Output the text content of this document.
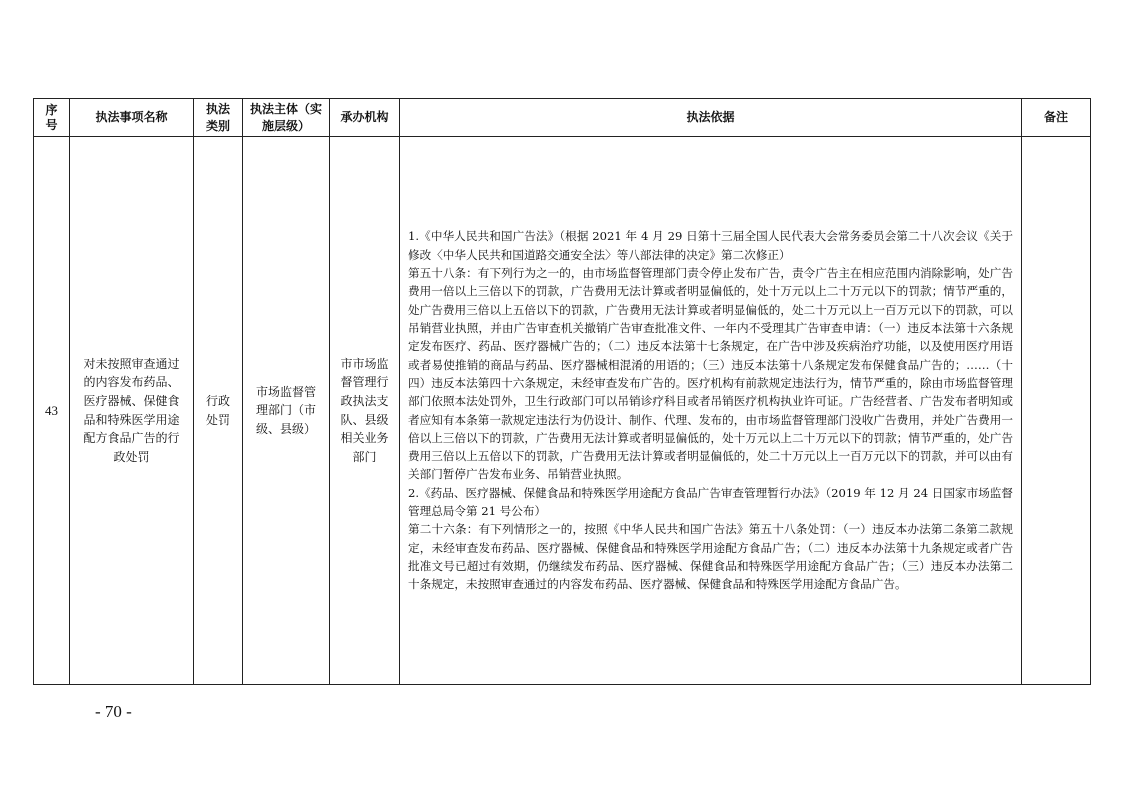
序号	执法事项名称	执法类别	执法主体（实施层级）	承办机构	执法依据	备注
43	对未按照审查通过的内容发布药品、医疗器械、保健食品和特殊医学用途配方食品广告的行政处罚	行政处罚	市场监督管理部门（市级、县级）	市市场监督管理行政执法支队、县级相关业务部门	1.《中华人民共和国广告法》（根据 2021 年 4 月 29 日第十三届全国人民代表大会常务委员会第二十八次会议《关于修改〈中华人民共和国道路交通安全法〉等八部法律的决定》第二次修正）

第五十八条：有下列行为之一的，由市场监督管理部门责令停止发布广告，责令广告主在相应范围内消除影响，处广告费用一倍以上三倍以下的罚款，广告费用无法计算或者明显偏低的，处十万元以上二十万元以下的罚款；情节严重的，处广告费用三倍以上五倍以下的罚款，广告费用无法计算或者明显偏低的，处二十万元以上一百万元以下的罚款，可以吊销营业执照，并由广告审查机关撤销广告审查批准文件、一年内不受理其广告审查申请：（一）违反本法第十六条规定发布医疗、药品、医疗器械广告的；（二）违反本法第十七条规定，在广告中涉及疾病治疗功能，以及使用医疗用语或者易使推销的商品与药品、医疗器械相混淆的用语的；（三）违反本法第十八条规定发布保健食品广告的；……（十四）违反本法第四十六条规定，未经审查发布广告的。医疗机构有前款规定违法行为，情节严重的，除由市场监督管理部门依照本法处罚外，卫生行政部门可以吊销诊疗科目或者吊销医疗机构执业许可证。广告经营者、广告发布者明知或者应知有本条第一款规定违法行为仍设计、制作、代理、发布的，由市场监督管理部门没收广告费用，并处广告费用一倍以上三倍以下的罚款，广告费用无法计算或者明显偏低的，处十万元以上二十万元以下的罚款；情节严重的，处广告费用三倍以上五倍以下的罚款，广告费用无法计算或者明显偏低的，处二十万元以上一百万元以下的罚款，并可以由有关部门暂停广告发布业务、吊销营业执照。

2.《药品、医疗器械、保健食品和特殊医学用途配方食品广告审查管理暂行办法》（2019 年 12 月 24 日国家市场监督管理总局令第 21 号公布）

第二十六条：有下列情形之一的，按照《中华人民共和国广告法》第五十八条处罚：（一）违反本办法第二条第二款规定，未经审查发布药品、医疗器械、保健食品和特殊医学用途配方食品广告；（二）违反本办法第十九条规定或者广告批准文号已超过有效期，仍继续发布药品、医疗器械、保健食品和特殊医学用途配方食品广告；（三）违反本办法第二十条规定，未按照审查通过的内容发布药品、医疗器械、保健食品和特殊医学用途配方食品广告。	

- 70 -
